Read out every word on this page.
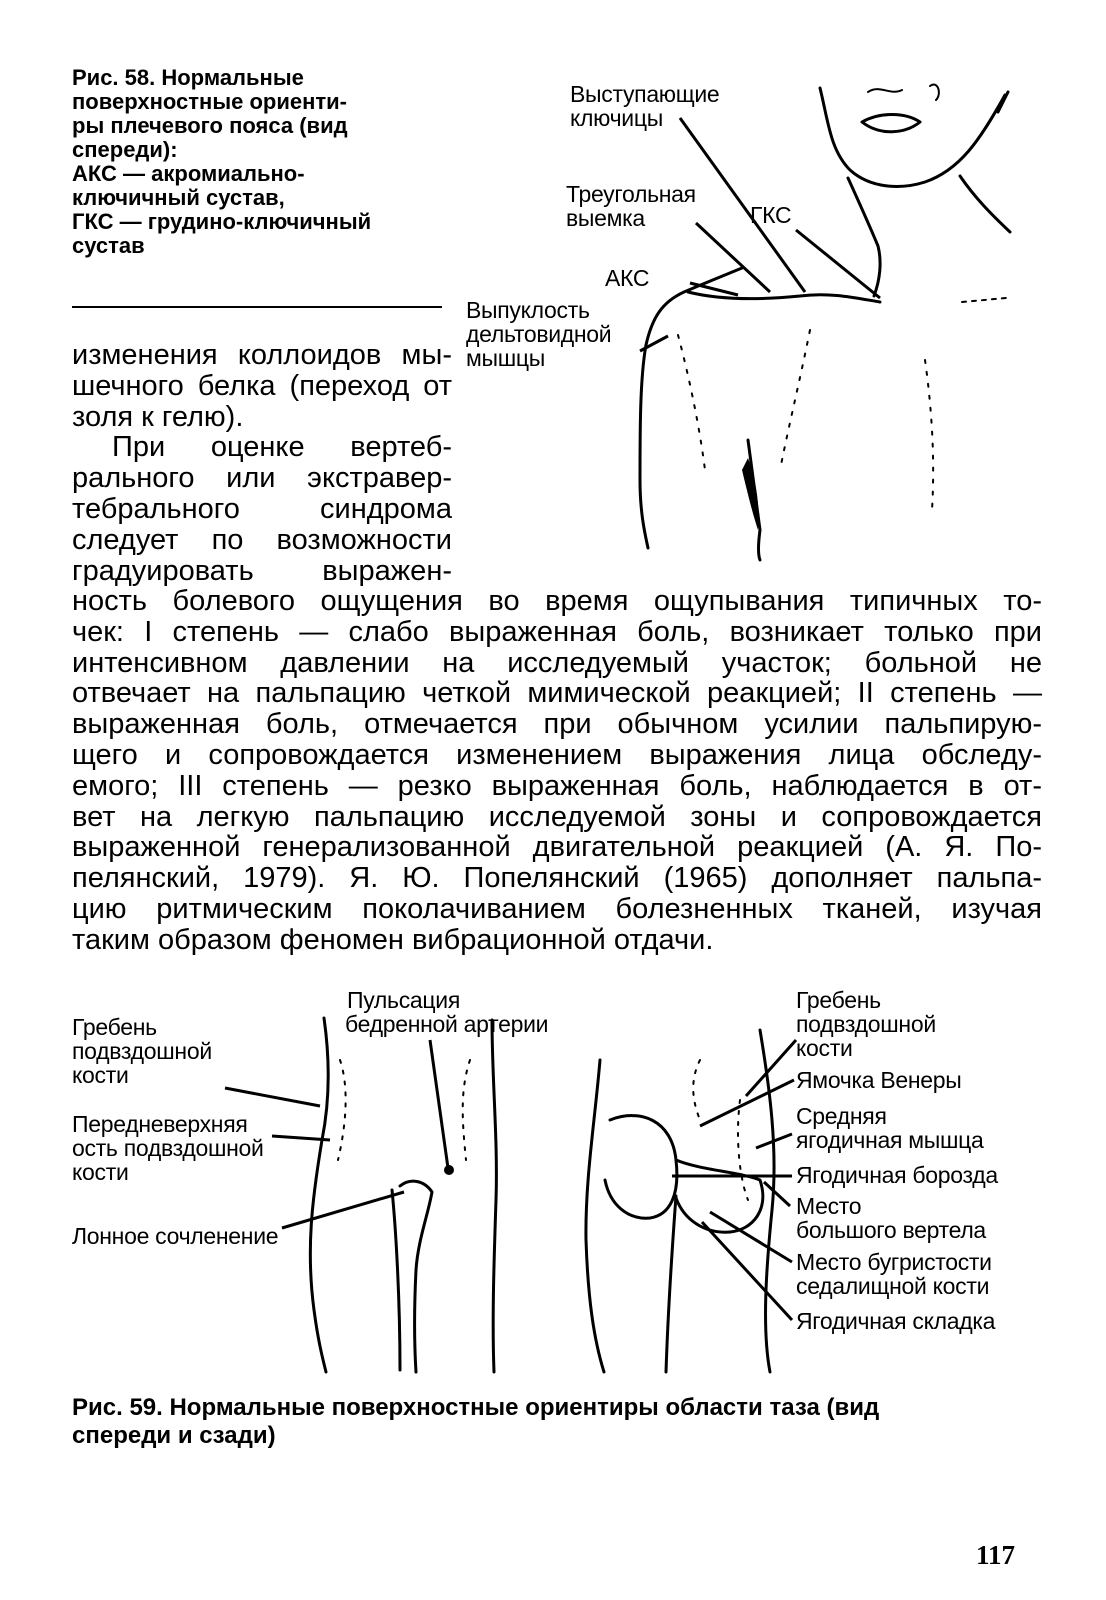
Рис. 58. Нормальные
поверхностные ориенти-
ры плечевого пояса (вид
спереди):
АКС — акромиально-
ключичный сустав,
ГКС — грудино-ключичный
сустав
изменения коллоидов мы-
шечного белка (переход от
золя к гелю).
При оценке вертеб-
рального или экстравер-
тебрального синдрома
следует по возможности
градуировать выражен-
ность болевого ощущения во время ощупывания типичных то-
чек: I степень — слабо выраженная боль, возникает только при
интенсивном давлении на исследуемый участок; больной не
отвечает на пальпацию четкой мимической реакцией; II степень —
выраженная боль, отмечается при обычном усилии пальпирую-
щего и сопровождается изменением выражения лица обследу-
емого; III степень — резко выраженная боль, наблюдается в от-
вет на легкую пальпацию исследуемой зоны и сопровождается
выраженной генерализованной двигательной реакцией (А. Я. По-
пелянский, 1979). Я. Ю. Попелянский (1965) дополняет пальпа-
цию ритмическим поколачиванием болезненных тканей, изучая
таким образом феномен вибрационной отдачи.
Выступающие
ключицы
Треугольная
выемка	ГКС
АКС
Выпуклость
дельтовидной
мышцы
Гребень
подвздошной
кости
Передневерхняя
ость подвздошной
кости
Лонное сочленение
Пульсация
бедренной артерии
Гребень
подвздошной
кости
Ямочка Венеры
Средняя
ягодичная мышца
Ягодичная борозда
Место
большого вертела
Место бугристости
седалищной кости
Ягодичная складка
Рис. 59. Нормальные поверхностные ориентиры области таза (вид
спереди и сзади)
117
